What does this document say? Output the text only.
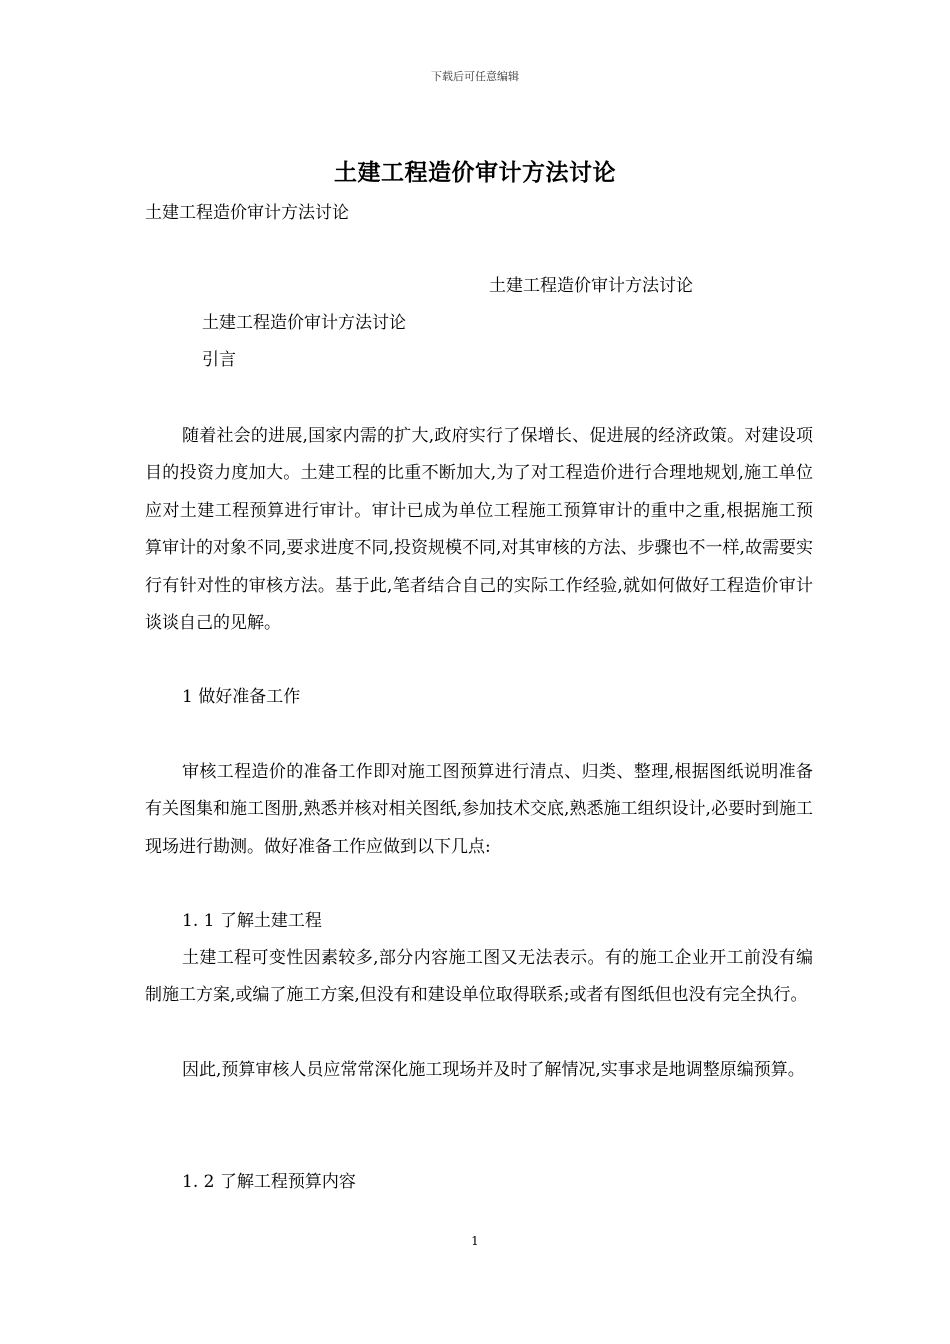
下载后可任意编辑
土建工程造价审计方法讨论
土建工程造价审计方法讨论
土建工程造价审计方法讨论
土建工程造价审计方法讨论
引言
随着社会的进展,国家内需的扩大,政府实行了保增长、促进展的经济政策。对建设项目的投资力度加大。土建工程的比重不断加大,为了对工程造价进行合理地规划,施工单位应对土建工程预算进行审计。审计已成为单位工程施工预算审计的重中之重,根据施工预算审计的对象不同,要求进度不同,投资规模不同,对其审核的方法、步骤也不一样,故需要实行有针对性的审核方法。基于此,笔者结合自己的实际工作经验,就如何做好工程造价审计谈谈自己的见解。
1 做好准备工作
审核工程造价的准备工作即对施工图预算进行清点、归类、整理,根据图纸说明准备有关图集和施工图册,熟悉并核对相关图纸,参加技术交底,熟悉施工组织设计,必要时到施工现场进行勘测。做好准备工作应做到以下几点:
1. 1 了解土建工程
土建工程可变性因素较多,部分内容施工图又无法表示。有的施工企业开工前没有编制施工方案,或编了施工方案,但没有和建设单位取得联系;或者有图纸但也没有完全执行。
因此,预算审核人员应常常深化施工现场并及时了解情况,实事求是地调整原编预算。
1. 2 了解工程预算内容
1
